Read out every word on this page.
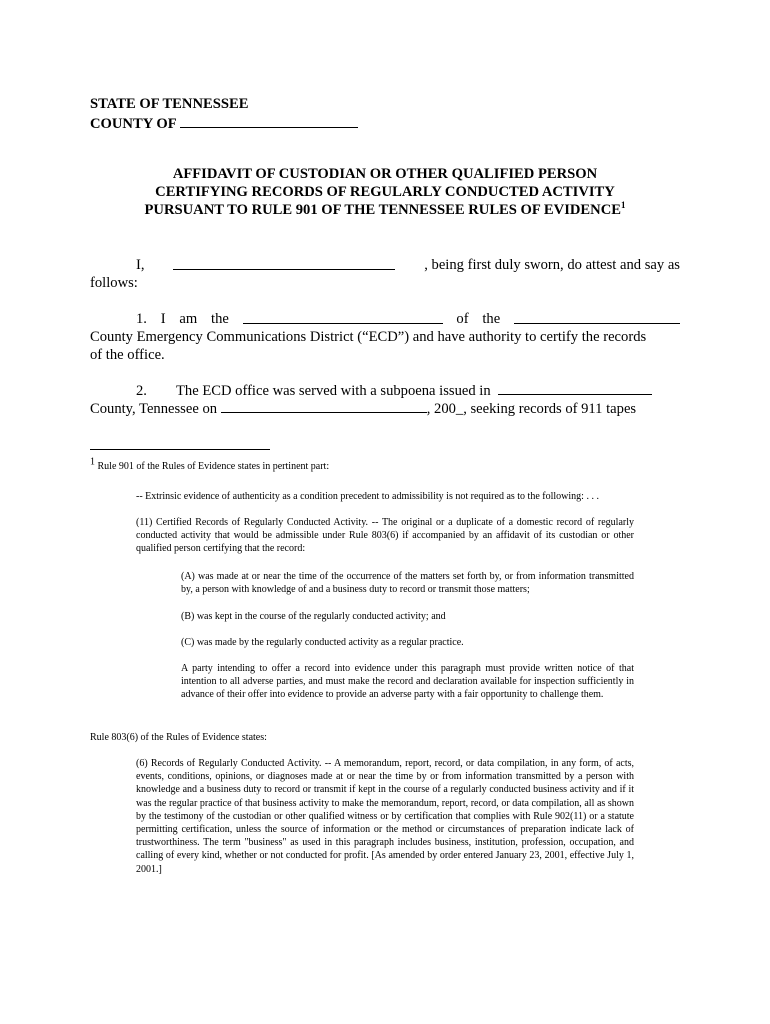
STATE OF TENNESSEE
COUNTY OF
AFFIDAVIT OF CUSTODIAN OR OTHER QUALIFIED PERSON
CERTIFYING RECORDS OF REGULARLY CONDUCTED ACTIVITY
PURSUANT TO RULE 901 OF THE TENNESSEE RULES OF EVIDENCE$^1$
I,	, being first duly sworn, do attest and say as
follows:
1. I am the	of the
County Emergency Communications District (“ECD”) and have authority to certify the records
of the office.
2. The ECD office was served with a subpoena issued in
County, Tennessee on	, 200_, seeking records of 911 tapes
1 Rule 901 of the Rules of Evidence states in pertinent part:
-- Extrinsic evidence of authenticity as a condition precedent to admissibility is not required as to the following: . . .
(11) Certified Records of Regularly Conducted Activity. -- The original or a duplicate of a domestic record of regularly conducted activity that would be admissible under Rule 803(6) if accompanied by an affidavit of its custodian or other qualified person certifying that the record:
(A) was made at or near the time of the occurrence of the matters set forth by, or from information transmitted by, a person with knowledge of and a business duty to record or transmit those matters;
(B) was kept in the course of the regularly conducted activity; and
(C) was made by the regularly conducted activity as a regular practice.
A party intending to offer a record into evidence under this paragraph must provide written notice of that intention to all adverse parties, and must make the record and declaration available for inspection sufficiently in advance of their offer into evidence to provide an adverse party with a fair opportunity to challenge them.
Rule 803(6) of the Rules of Evidence states:
(6) Records of Regularly Conducted Activity. -- A memorandum, report, record, or data compilation, in any form, of acts, events, conditions, opinions, or diagnoses made at or near the time by or from information transmitted by a person with knowledge and a business duty to record or transmit if kept in the course of a regularly conducted business activity and if it was the regular practice of that business activity to make the memorandum, report, record, or data compilation, all as shown by the testimony of the custodian or other qualified witness or by certification that complies with Rule 902(11) or a statute permitting certification, unless the source of information or the method or circumstances of preparation indicate lack of trustworthiness. The term "business" as used in this paragraph includes business, institution, profession, occupation, and calling of every kind, whether or not conducted for profit. [As amended by order entered January 23, 2001, effective July 1, 2001.]
